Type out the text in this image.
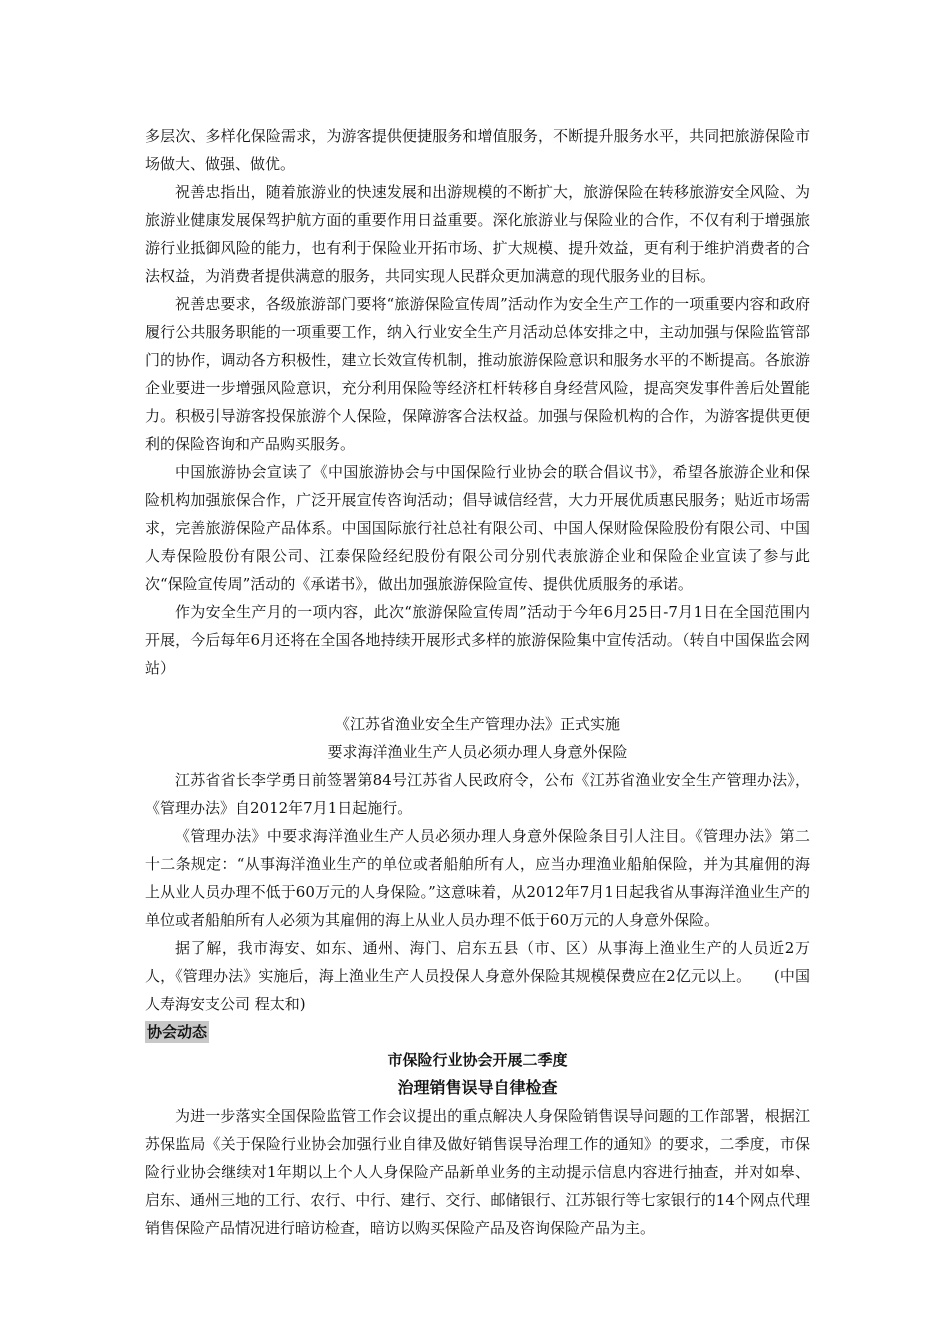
多层次、多样化保险需求，为游客提供便捷服务和增值服务，不断提升服务水平，共同把旅游保险市场做大、做强、做优。

祝善忠指出，随着旅游业的快速发展和出游规模的不断扩大，旅游保险在转移旅游安全风险、为旅游业健康发展保驾护航方面的重要作用日益重要。深化旅游业与保险业的合作，不仅有利于增强旅游行业抵御风险的能力，也有利于保险业开拓市场、扩大规模、提升效益，更有利于维护消费者的合法权益，为消费者提供满意的服务，共同实现人民群众更加满意的现代服务业的目标。

祝善忠要求，各级旅游部门要将“旅游保险宣传周”活动作为安全生产工作的一项重要内容和政府履行公共服务职能的一项重要工作，纳入行业安全生产月活动总体安排之中，主动加强与保险监管部门的协作，调动各方积极性，建立长效宣传机制，推动旅游保险意识和服务水平的不断提高。各旅游企业要进一步增强风险意识，充分利用保险等经济杠杆转移自身经营风险，提高突发事件善后处置能力。积极引导游客投保旅游个人保险，保障游客合法权益。加强与保险机构的合作，为游客提供更便利的保险咨询和产品购买服务。

中国旅游协会宣读了《中国旅游协会与中国保险行业协会的联合倡议书》，希望各旅游企业和保险机构加强旅保合作，广泛开展宣传咨询活动；倡导诚信经营，大力开展优质惠民服务；贴近市场需求，完善旅游保险产品体系。中国国际旅行社总社有限公司、中国人保财险保险股份有限公司、中国人寿保险股份有限公司、江泰保险经纪股份有限公司分别代表旅游企业和保险企业宣读了参与此次“保险宣传周”活动的《承诺书》，做出加强旅游保险宣传、提供优质服务的承诺。

作为安全生产月的一项内容，此次“旅游保险宣传周”活动于今年6月25日-7月1日在全国范围内开展，今后每年6月还将在全国各地持续开展形式多样的旅游保险集中宣传活动。（转自中国保监会网站）

《江苏省渔业安全生产管理办法》正式实施

要求海洋渔业生产人员必须办理人身意外保险

江苏省省长李学勇日前签署第84号江苏省人民政府令，公布《江苏省渔业安全生产管理办法》，《管理办法》自2012年7月1日起施行。

《管理办法》中要求海洋渔业生产人员必须办理人身意外保险条目引人注目。《管理办法》第二十二条规定：“从事海洋渔业生产的单位或者船舶所有人，应当办理渔业船舶保险，并为其雇佣的海上从业人员办理不低于60万元的人身保险。”这意味着，从2012年7月1日起我省从事海洋渔业生产的单位或者船舶所有人必须为其雇佣的海上从业人员办理不低于60万元的人身意外保险。

据了解，我市海安、如东、通州、海门、启东五县（市、区）从事海上渔业生产的人员近2万人，《管理办法》实施后，海上渔业生产人员投保人身意外保险其规模保费应在2亿元以上。　　(中国人寿海安支公司 程太和)

协会动态

市保险行业协会开展二季度

治理销售误导自律检查

为进一步落实全国保险监管工作会议提出的重点解决人身保险销售误导问题的工作部署，根据江苏保监局《关于保险行业协会加强行业自律及做好销售误导治理工作的通知》的要求，二季度，市保险行业协会继续对1年期以上个人人身保险产品新单业务的主动提示信息内容进行抽查，并对如皋、启东、通州三地的工行、农行、中行、建行、交行、邮储银行、江苏银行等七家银行的14个网点代理销售保险产品情况进行暗访检查，暗访以购买保险产品及咨询保险产品为主。
